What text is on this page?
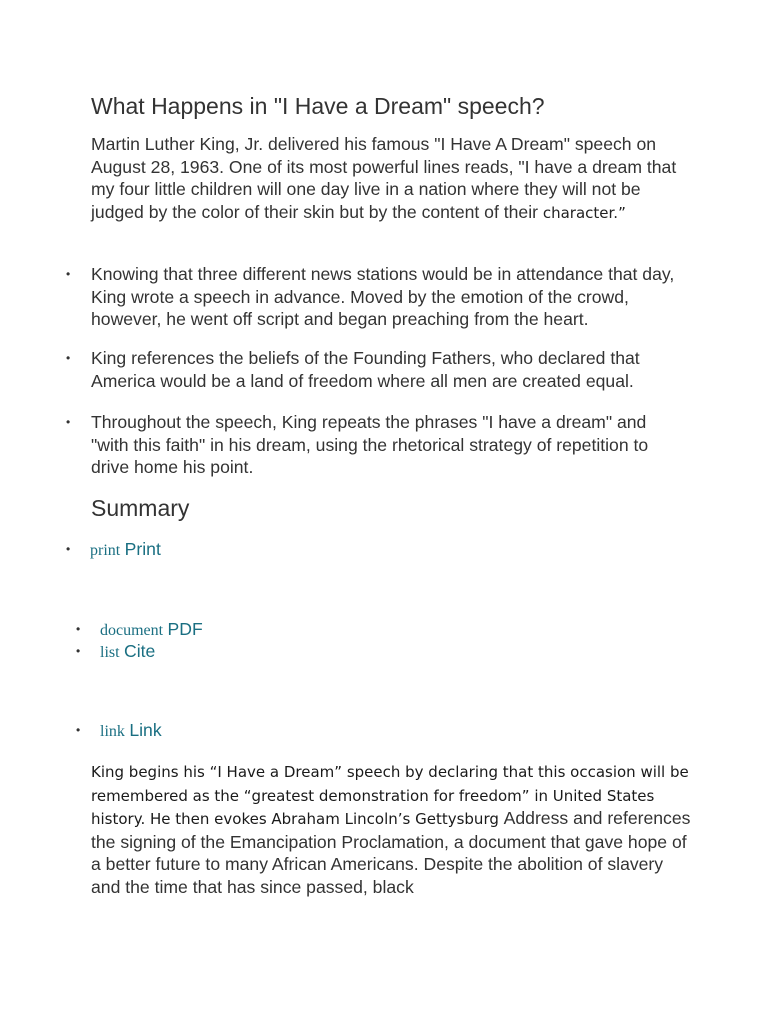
What Happens in "I Have a Dream" speech?

Martin Luther King, Jr. delivered his famous "I Have A Dream" speech on August 28, 1963. One of its most powerful lines reads, "I have a dream that my four little children will one day live in a nation where they will not be judged by the color of their skin but by the content of their character.”

• Knowing that three different news stations would be in attendance that day, King wrote a speech in advance. Moved by the emotion of the crowd, however, he went off script and began preaching from the heart.

• King references the beliefs of the Founding Fathers, who declared that America would be a land of freedom where all men are created equal.

• Throughout the speech, King repeats the phrases "I have a dream" and "with this faith" in his dream, using the rhetorical strategy of repetition to drive home his point.

Summary
• print Print
• document PDF
• list Cite
• link Link

King begins his “I Have a Dream” speech by declaring that this occasion will be remembered as the “greatest demonstration for freedom” in United States history. He then evokes Abraham Lincoln’s Gettysburg Address and references the signing of the Emancipation Proclamation, a document that gave hope of a better future to many African Americans. Despite the abolition of slavery and the time that has since passed, black
